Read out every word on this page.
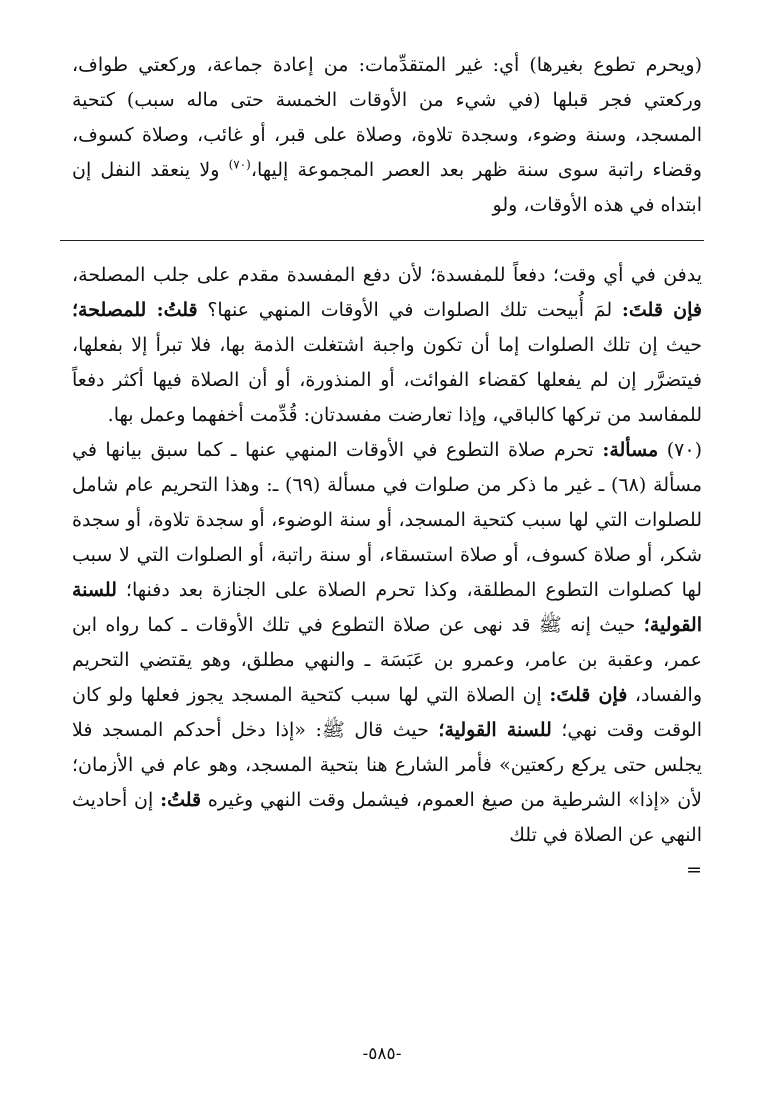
(ويحرم تطوع بغيرها) أي: غير المتقدِّمات: من إعادة جماعة، وركعتي طواف، وركعتي فجر قبلها (في شيء من الأوقات الخمسة حتى ماله سبب) كتحية المسجد، وسنة وضوء، وسجدة تلاوة، وصلاة على قبر، أو غائب، وصلاة كسوف، وقضاء راتبة سوى سنة ظهر بعد العصر المجموعة إليها،$^{(٧٠)}$ ولا ينعقد النفل إن ابتداه في هذه الأوقات، ولو

يدفن في أي وقت؛ دفعاً للمفسدة؛ لأن دفع المفسدة مقدم على جلب المصلحة، فإن قلتَ: لمَ أُبيحت تلك الصلوات في الأوقات المنهي عنها؟ قلتُ: للمصلحة؛ حيث إن تلك الصلوات إما أن تكون واجبة اشتغلت الذمة بها، فلا تبرأ إلا بفعلها، فيتضرَّر إن لم يفعلها كقضاء الفوائت، أو المنذورة، أو أن الصلاة فيها أكثر دفعاً للمفاسد من تركها كالباقي، وإذا تعارضت مفسدتان: قُدِّمت أخفهما وعمل بها.

(٧٠) مسألة: تحرم صلاة التطوع في الأوقات المنهي عنها ـ كما سبق بيانها في مسألة (٦٨) ـ غير ما ذكر من صلوات في مسألة (٦٩) ـ: وهذا التحريم عام شامل للصلوات التي لها سبب كتحية المسجد، أو سنة الوضوء، أو سجدة تلاوة، أو سجدة شكر، أو صلاة كسوف، أو صلاة استسقاء، أو سنة راتبة، أو الصلوات التي لا سبب لها كصلوات التطوع المطلقة، وكذا تحرم الصلاة على الجنازة بعد دفنها؛ للسنة القولية؛ حيث إنه ﷺ قد نهى عن صلاة التطوع في تلك الأوقات ـ كما رواه ابن عمر، وعقبة بن عامر، وعمرو بن عَبَسَة ـ والنهي مطلق، وهو يقتضي التحريم والفساد، فإن قلتَ: إن الصلاة التي لها سبب كتحية المسجد يجوز فعلها ولو كان الوقت وقت نهي؛ للسنة القولية؛ حيث قال ﷺ: «إذا دخل أحدكم المسجد فلا يجلس حتى يركع ركعتين» فأمر الشارع هنا بتحية المسجد، وهو عام في الأزمان؛ لأن «إذا» الشرطية من صيغ العموم، فيشمل وقت النهي وغيره قلتُ: إن أحاديث النهي عن الصلاة في تلك

=

-٥٨٥-
